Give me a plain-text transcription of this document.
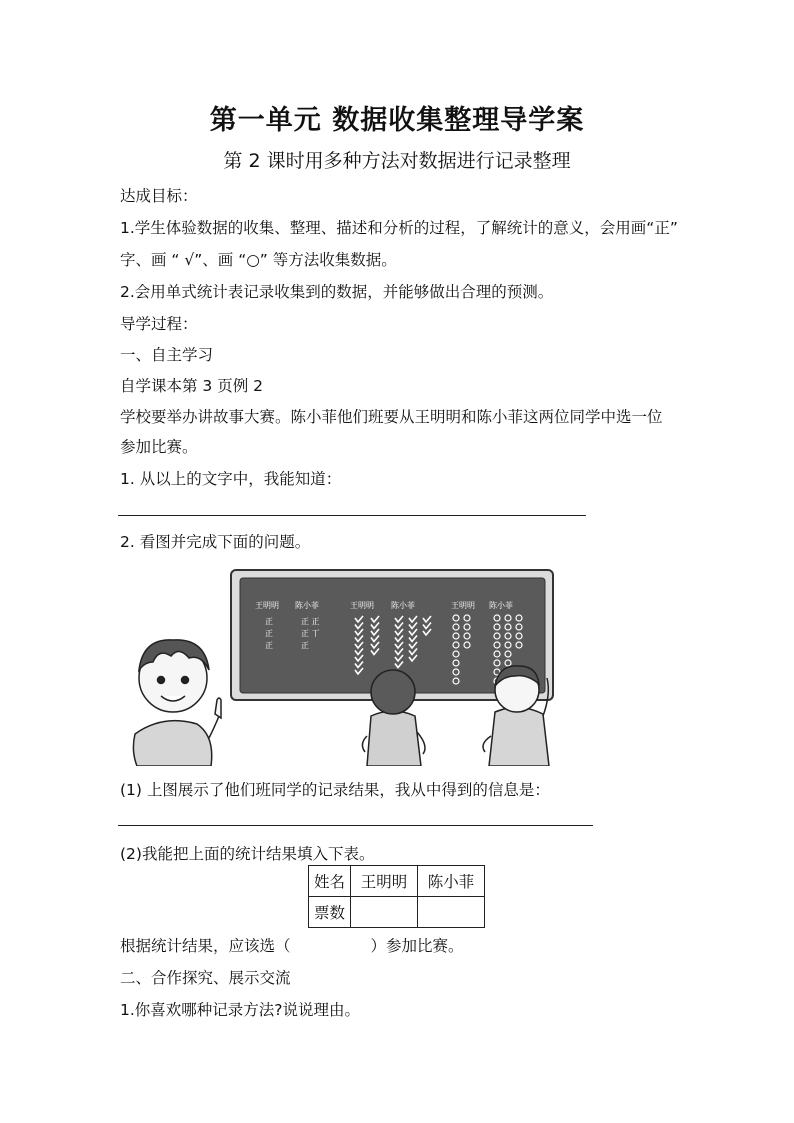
第一单元 数据收集整理导学案
第 2 课时用多种方法对数据进行记录整理
达成目标：
1.学生体验数据的收集、整理、描述和分析的过程，了解统计的意义，会用画“正”
字、画 “ √”、画 “○” 等方法收集数据。
2.会用单式统计表记录收集到的数据，并能够做出合理的预测。
导学过程：
一、自主学习
自学课本第 3 页例 2
学校要举办讲故事大赛。陈小菲他们班要从王明明和陈小菲这两位同学中选一位
参加比赛。
1. 从以上的文字中，我能知道：
2. 看图并完成下面的问题。
王明明 陈小菲
正
正
正
正 正
正 丅
正
王明明 陈小菲	王明明 陈小菲
(1) 上图展示了他们班同学的记录结果，我从中得到的信息是：
(2)我能把上面的统计结果填入下表。
姓名	王明明	陈小菲
票数		
根据统计结果，应该选（	）参加比赛。
二、合作探究、展示交流
1.你喜欢哪种记录方法?说说理由。
